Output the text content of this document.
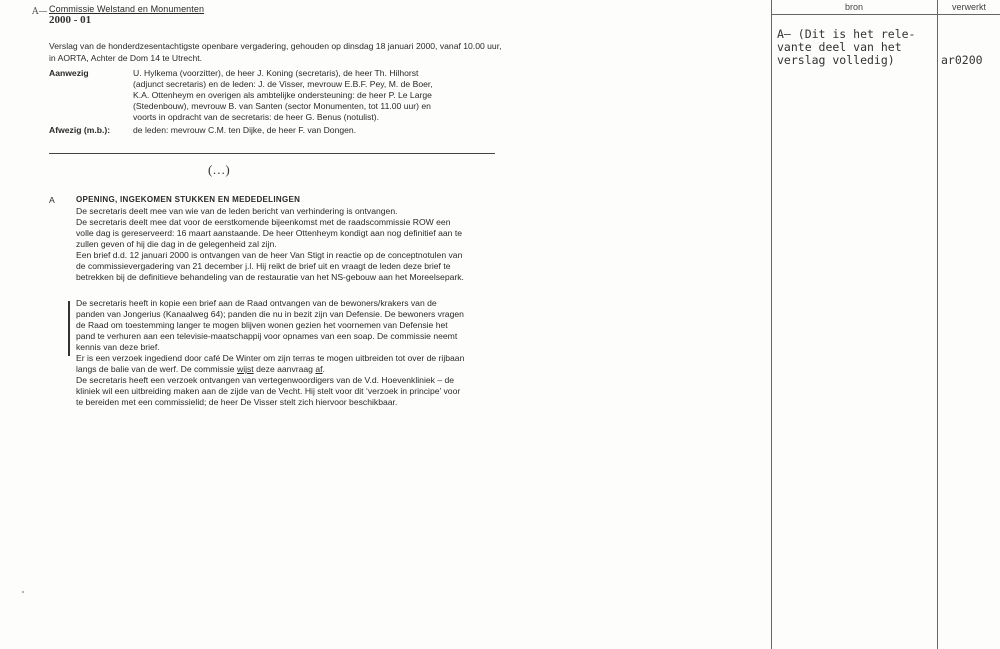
A— Commissie Welstand en Monumenten
2000 - 01
Verslag van de honderdzesentachtigste openbare vergadering, gehouden op dinsdag 18 januari 2000, vanaf 10.00 uur, in AORTA, Achter de Dom 14 te Utrecht.
Aanwezig	U. Hylkema (voorzitter), de heer J. Koning (secretaris), de heer Th. Hilhorst
(adjunct secretaris) en de leden: J. de Visser, mevrouw E.B.F. Pey, M. de Boer,
K.A. Ottenheym en overigen als ambtelijke ondersteuning: de heer P. Le Large
(Stedenbouw), mevrouw B. van Santen (sector Monumenten, tot 11.00 uur) en
voorts in opdracht van de secretaris: de heer G. Benus (notulist).
Afwezig (m.b.):	de leden: mevrouw C.M. ten Dijke, de heer F. van Dongen.
(…)
A	OPENING, INGEKOMEN STUKKEN EN MEDEDELINGEN
De secretaris deelt mee van wie van de leden bericht van verhindering is ontvangen.
De secretaris deelt mee dat voor de eerstkomende bijeenkomst met de raadscommissie ROW een
volle dag is gereserveerd: 16 maart aanstaande. De heer Ottenheym kondigt aan nog definitief aan te
zullen geven of hij die dag in de gelegenheid zal zijn.
Een brief d.d. 12 januari 2000 is ontvangen van de heer Van Stigt in reactie op de conceptnotulen van
de commissievergadering van 21 december j.l. Hij reikt de brief uit en vraagt de leden deze brief te
betrekken bij de definitieve behandeling van de restauratie van het NS-gebouw aan het Moreelsepark.
De secretaris heeft in kopie een brief aan de Raad ontvangen van de bewoners/krakers van de
panden van Jongerius (Kanaalweg 64); panden die nu in bezit zijn van Defensie. De bewoners vragen
de Raad om toestemming langer te mogen blijven wonen gezien het voornemen van Defensie het
pand te verhuren aan een televisie-maatschappij voor opnames van een soap. De commissie neemt
kennis van deze brief.
Er is een verzoek ingediend door café De Winter om zijn terras te mogen uitbreiden tot over de rijbaan
langs de balie van de werf. De commissie wijst deze aanvraag af.
De secretaris heeft een verzoek ontvangen van vertegenwoordigers van de V.d. Hoevenkliniek – de
kliniek wil een uitbreiding maken aan de zijde van de Vecht. Hij stelt voor dit ‘verzoek in principe’ voor
te bereiden met een commissielid; de heer De Visser stelt zich hiervoor beschikbaar.
bron	verwerkt
A— (Dit is het rele-
vante deel van het
verslag volledig)	ar0200
